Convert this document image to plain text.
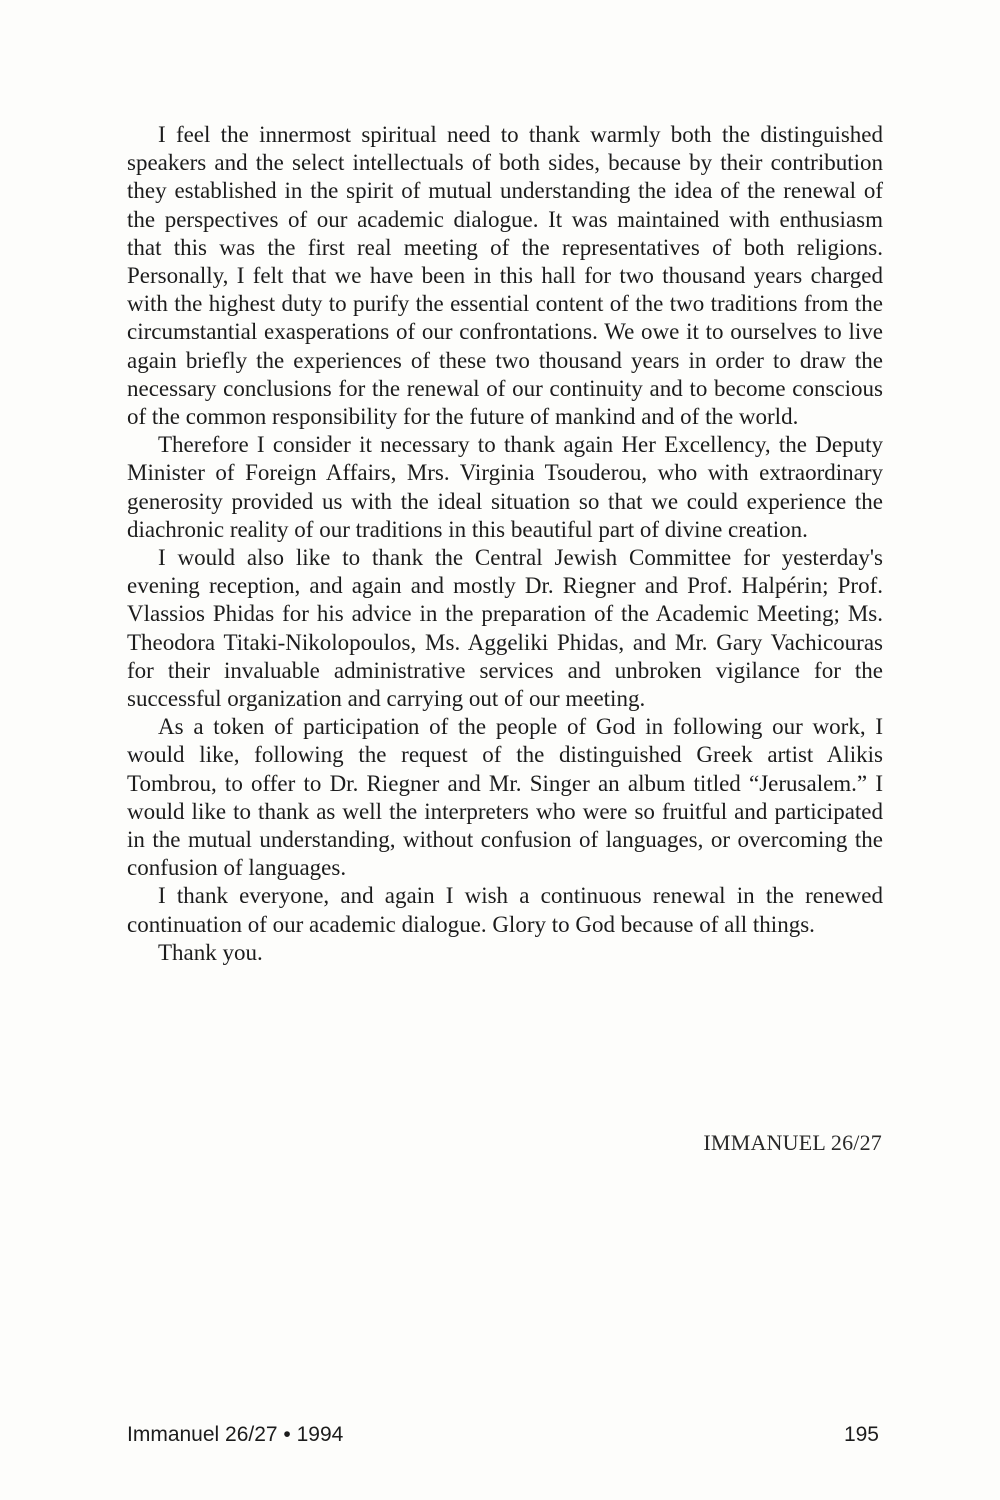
I feel the innermost spiritual need to thank warmly both the distinguished speakers and the select intellectuals of both sides, because by their contribution they established in the spirit of mutual understanding the idea of the renewal of the perspectives of our academic dialogue. It was maintained with enthusiasm that this was the first real meeting of the representatives of both religions. Personally, I felt that we have been in this hall for two thousand years charged with the highest duty to purify the essential content of the two traditions from the circumstantial exasperations of our confrontations. We owe it to ourselves to live again briefly the experiences of these two thousand years in order to draw the necessary conclusions for the renewal of our continuity and to become conscious of the common responsibility for the future of mankind and of the world.

Therefore I consider it necessary to thank again Her Excellency, the Deputy Minister of Foreign Affairs, Mrs. Virginia Tsouderou, who with extraordinary generosity provided us with the ideal situation so that we could experience the diachronic reality of our traditions in this beautiful part of divine creation.

I would also like to thank the Central Jewish Committee for yesterday's evening reception, and again and mostly Dr. Riegner and Prof. Halpérin; Prof. Vlassios Phidas for his advice in the preparation of the Academic Meeting; Ms. Theodora Titaki-Nikolopoulos, Ms. Aggeliki Phidas, and Mr. Gary Vachicouras for their invaluable administrative services and unbroken vigilance for the successful organization and carrying out of our meeting.

As a token of participation of the people of God in following our work, I would like, following the request of the distinguished Greek artist Alikis Tombrou, to offer to Dr. Riegner and Mr. Singer an album titled “Jerusalem.” I would like to thank as well the interpreters who were so fruitful and participated in the mutual understanding, without confusion of languages, or overcoming the confusion of languages.

I thank everyone, and again I wish a continuous renewal in the renewed continuation of our academic dialogue. Glory to God because of all things.

Thank you.

IMMANUEL 26/27
Immanuel 26/27 • 1994	195
